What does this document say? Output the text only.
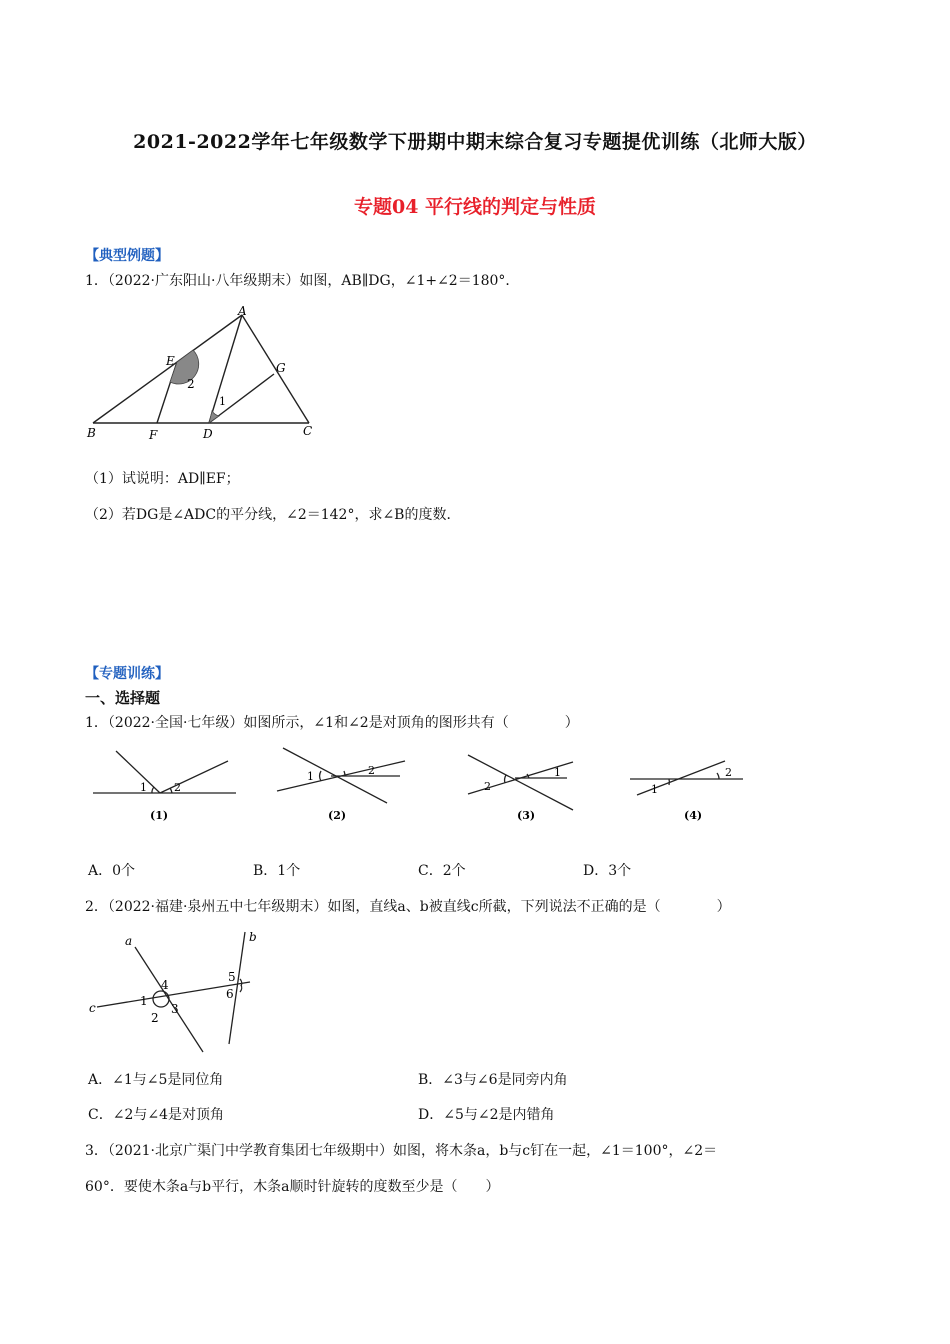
2021-2022学年七年级数学下册期中期末综合复习专题提优训练（北师大版）
专题04 平行线的判定与性质
【典型例题】
1．（2022·广东阳山·八年级期末）如图，AB∥DG，∠1+∠2＝180°．
A
E	G
2
1
B	F	D	C
（1）试说明：AD∥EF；
（2）若DG是∠ADC的平分线，∠2＝142°，求∠B的度数．
【专题训练】
一、选择题
1．（2022·全国·七年级）如图所示，∠1和∠2是对顶角的图形共有（　　　　）
1 2
(1)
1	2
(2)
2
1
(3)
1
2
(4)
A．0个	B．1个	C．2个	D．3个
2．（2022·福建·泉州五中七年级期末）如图，直线a、b被直线c所截，下列说法不正确的是（　　　　）
a	b
c	1
2
3
4
5
6
A．∠1与∠5是同位角	B．∠3与∠6是同旁内角
C．∠2与∠4是对顶角	D．∠5与∠2是内错角
3．（2021·北京广渠门中学教育集团七年级期中）如图，将木条a，b与c钉在一起，∠1＝100°，∠2＝
60°．要使木条a与b平行，木条a顺时针旋转的度数至少是（　　）
